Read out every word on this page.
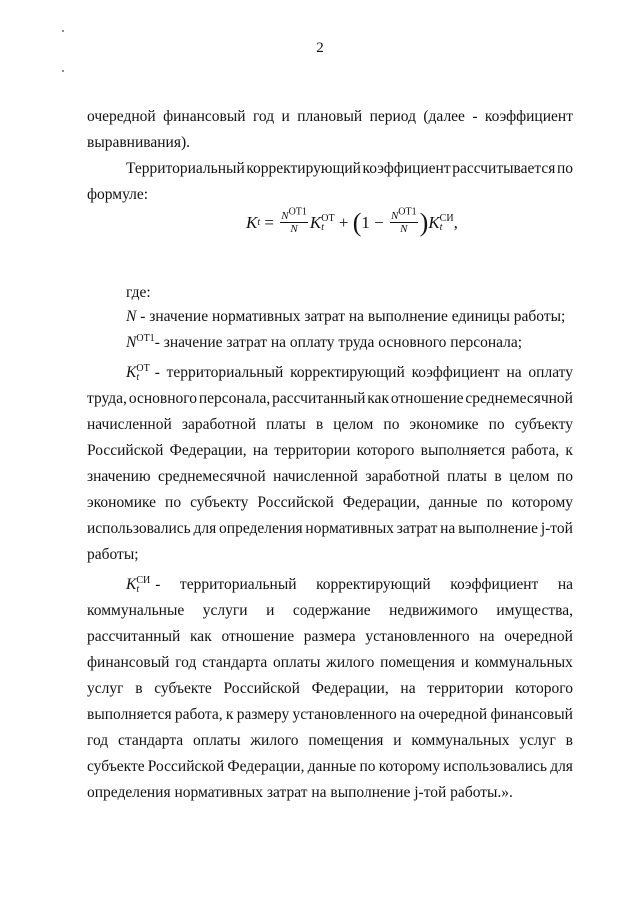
2
очередной финансовый год и плановый период (далее - коэффициент
выравнивания).
Территориальный корректирующий коэффициент рассчитывается по
формуле:
K $t = \frac{N^{ОТ1}}{N}$ K ОТ
t + ( $1 - \frac{N^{ОТ1}}{N}$ ) K СИ
t ,
где:
N - значение нормативных затрат на выполнение единицы работы;
$N^{ОТ1}-$ значение затрат на оплату труда основного персонала;
K ОТ
t	- территориальный корректирующий коэффициент на оплату
труда, основного персонала, рассчитанный как отношение среднемесячной
начисленной заработной платы в целом по экономике по субъекту
Российской Федерации, на территории которого выполняется работа, к
значению среднемесячной начисленной заработной платы в целом по
экономике по субъекту Российской Федерации, данные по которому
использовались для определения нормативных затрат на выполнение j-той
работы;
K СИ
t	- территориальный корректирующий коэффициент на
коммунальные услуги и содержание недвижимого имущества,
рассчитанный как отношение размера установленного на очередной
финансовый год стандарта оплаты жилого помещения и коммунальных
услуг в субъекте Российской Федерации, на территории которого
выполняется работа, к размеру установленного на очередной финансовый
год стандарта оплаты жилого помещения и коммунальных услуг в
субъекте Российской Федерации, данные по которому использовались для
определения нормативных затрат на выполнение j-той работы.».
